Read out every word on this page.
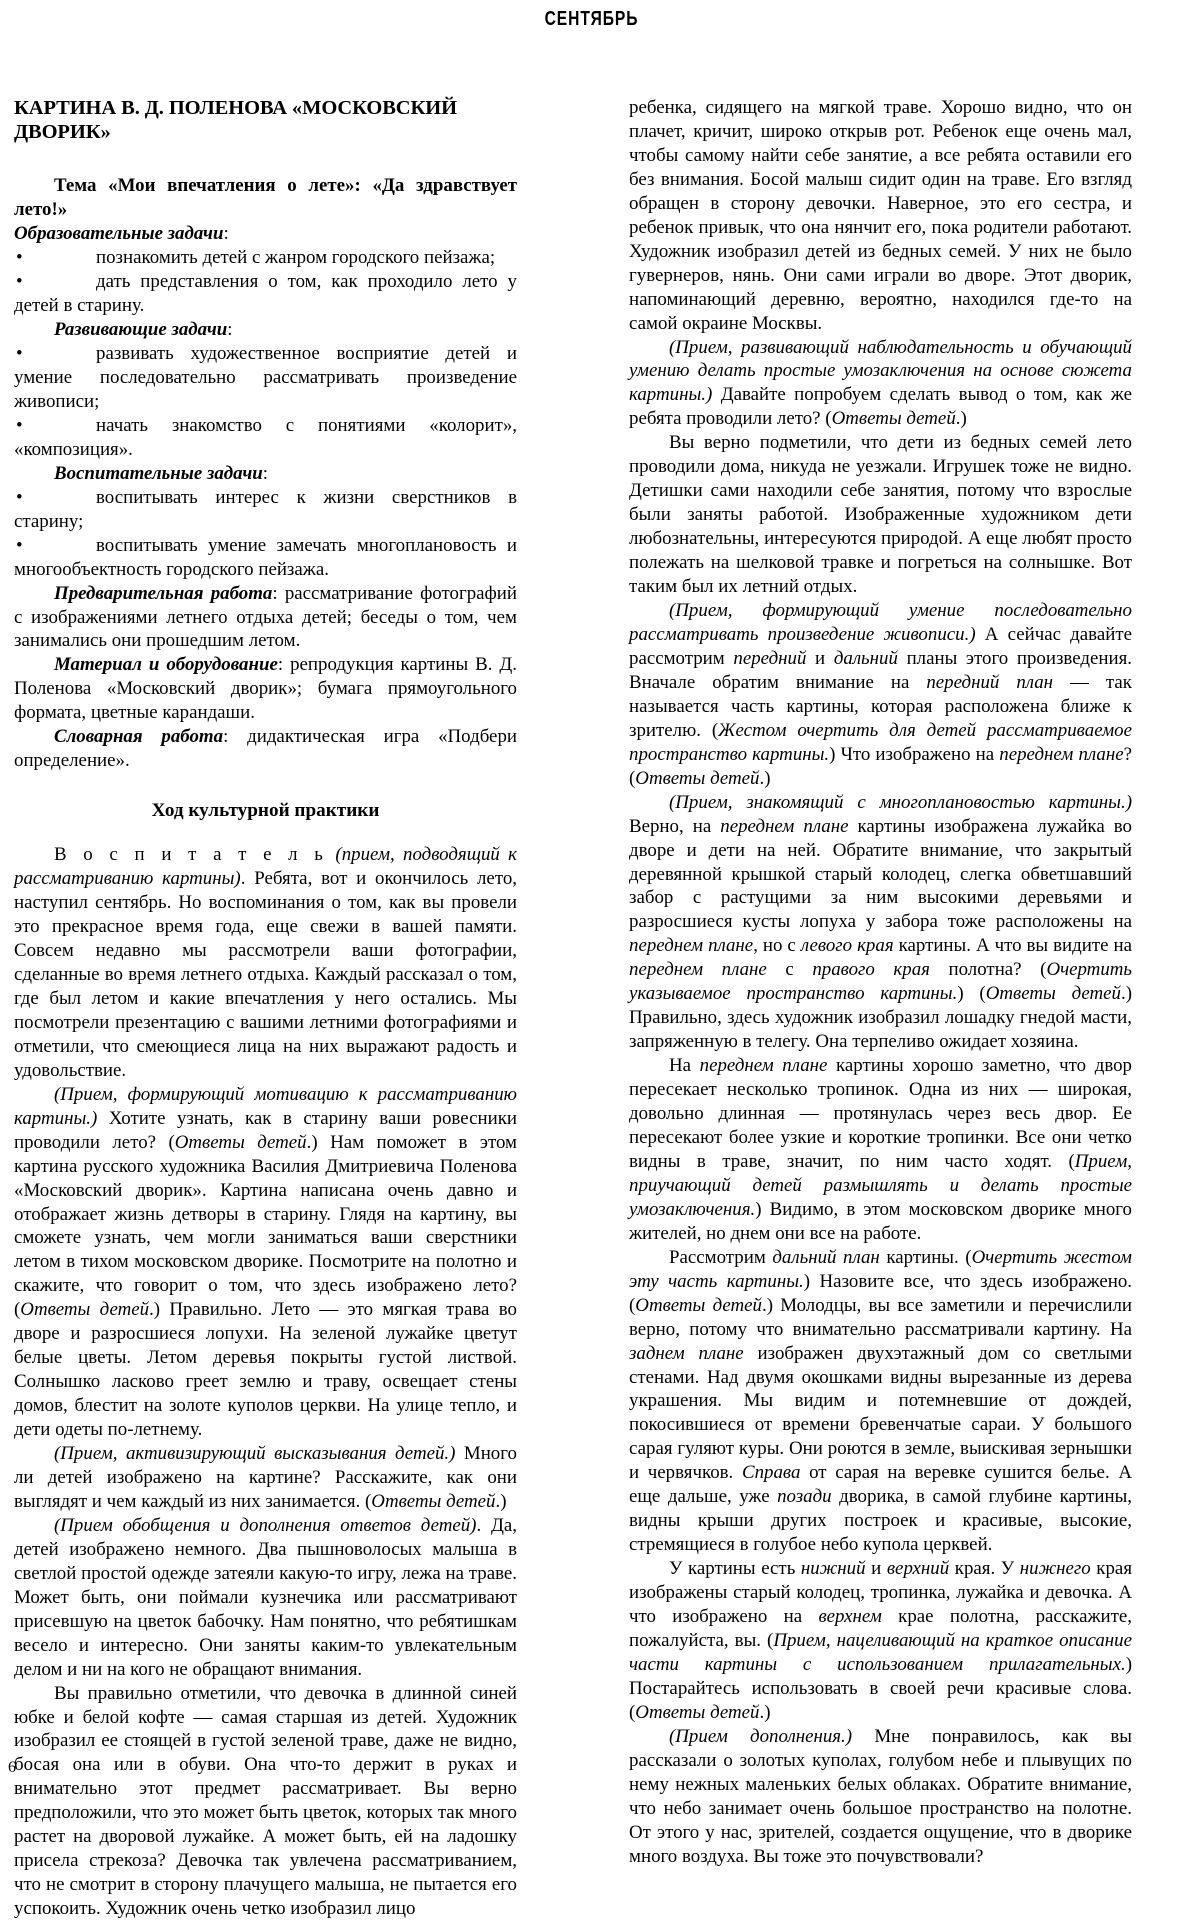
СЕНТЯБРЬ
КАРТИНА В. Д. ПОЛЕНОВА «МОСКОВСКИЙ ДВОРИК»

Тема «Мои впечатления о лете»: «Да здравствует лето!»

Образовательные задачи:

•	познакомить детей с жанром городского пейзажа;

•	дать представления о том, как проходило лето у детей в старину.

Развивающие задачи:

•	развивать художественное восприятие детей и умение последовательно рассматривать произведение живописи;

•	начать знакомство с понятиями «колорит», «композиция».

Воспитательные задачи:

•	воспитывать интерес к жизни сверстников в старину;

•	воспитывать умение замечать многоплановость и многообъектность городского пейзажа.

Предварительная работа: рассматривание фотографий с изображениями летнего отдыха детей; беседы о том, чем занимались они прошедшим летом.

Материал и оборудование: репродукция картины В. Д. Поленова «Московский дворик»; бумага прямоугольного формата, цветные карандаши.

Словарная работа: дидактическая игра «Подбери определение».

Ход культурной практики

В о с п и т а т е л ь (прием, подводящий к рассматриванию картины). Ребята, вот и окончилось лето, наступил сентябрь. Но воспоминания о том, как вы провели это прекрасное время года, еще свежи в вашей памяти. Совсем недавно мы рассмотрели ваши фотографии, сделанные во время летнего отдыха. Каждый рассказал о том, где был летом и какие впечатления у него остались. Мы посмотрели презентацию с вашими летними фотографиями и отметили, что смеющиеся лица на них выражают радость и удовольствие.

(Прием, формирующий мотивацию к рассматриванию картины.) Хотите узнать, как в старину ваши ровесники проводили лето? (Ответы детей.) Нам поможет в этом картина русского художника Василия Дмитриевича Поленова «Московский дворик». Картина написана очень давно и отображает жизнь детворы в старину. Глядя на картину, вы сможете узнать, чем могли заниматься ваши сверстники летом в тихом московском дворике. Посмотрите на полотно и скажите, что говорит о том, что здесь изображено лето? (Ответы детей.) Правильно. Лето — это мягкая трава во дворе и разросшиеся лопухи. На зеленой лужайке цветут белые цветы. Летом деревья покрыты густой листвой. Солнышко ласково греет землю и траву, освещает стены домов, блестит на золоте куполов церкви. На улице тепло, и дети одеты по-летнему.

(Прием, активизирующий высказывания детей.) Много ли детей изображено на картине? Расскажите, как они выглядят и чем каждый из них занимается. (Ответы детей.)

(Прием обобщения и дополнения ответов детей). Да, детей изображено немного. Два пышноволосых малыша в светлой простой одежде затеяли какую-то игру, лежа на траве. Может быть, они поймали кузнечика или рассматривают присевшую на цветок бабочку. Нам понятно, что ребятишкам весело и интересно. Они заняты каким-то увлекательным делом и ни на кого не обращают внимания.

Вы правильно отметили, что девочка в длинной синей юбке и белой кофте — самая старшая из детей. Художник изобразил ее стоящей в густой зеленой траве, даже не видно, босая она или в обуви. Она что-то держит в руках и внимательно этот предмет рассматривает. Вы верно предположили, что это может быть цветок, которых так много растет на дворовой лужайке. А может быть, ей на ладошку присела стрекоза? Девочка так увлечена рассматриванием, что не смотрит в сторону плачущего малыша, не пытается его успокоить. Художник очень четко изобразил лицо

ребенка, сидящего на мягкой траве. Хорошо видно, что он плачет, кричит, широко открыв рот. Ребенок еще очень мал, чтобы самому найти себе занятие, а все ребята оставили его без внимания. Босой малыш сидит один на траве. Его взгляд обращен в сторону девочки. Наверное, это его сестра, и ребенок привык, что она нянчит его, пока родители работают. Художник изобразил детей из бедных семей. У них не было гувернеров, нянь. Они сами играли во дворе. Этот дворик, напоминающий деревню, вероятно, находился где-то на самой окраине Москвы.

(Прием, развивающий наблюдательность и обучающий умению делать простые умозаключения на основе сюжета картины.) Давайте попробуем сделать вывод о том, как же ребята проводили лето? (Ответы детей.)

Вы верно подметили, что дети из бедных семей лето проводили дома, никуда не уезжали. Игрушек тоже не видно. Детишки сами находили себе занятия, потому что взрослые были заняты работой. Изображенные художником дети любознательны, интересуются природой. А еще любят просто полежать на шелковой травке и погреться на солнышке. Вот таким был их летний отдых.

(Прием, формирующий умение последовательно рассматривать произведение живописи.) А сейчас давайте рассмотрим передний и дальний планы этого произведения. Вначале обратим внимание на передний план — так называется часть картины, которая расположена ближе к зрителю. (Жестом очертить для детей рассматриваемое пространство картины.) Что изображено на переднем плане? (Ответы детей.)

(Прием, знакомящий с многоплановостью картины.) Верно, на переднем плане картины изображена лужайка во дворе и дети на ней. Обратите внимание, что закрытый деревянной крышкой старый колодец, слегка обветшавший забор с растущими за ним высокими деревьями и разросшиеся кусты лопуха у забора тоже расположены на переднем плане, но с левого края картины. А что вы видите на переднем плане с правого края полотна? (Очертить указываемое пространство картины.) (Ответы детей.) Правильно, здесь художник изобразил лошадку гнедой масти, запряженную в телегу. Она терпеливо ожидает хозяина.

На переднем плане картины хорошо заметно, что двор пересекает несколько тропинок. Одна из них — широкая, довольно длинная — протянулась через весь двор. Ее пересекают более узкие и короткие тропинки. Все они четко видны в траве, значит, по ним часто ходят. (Прием, приучающий детей размышлять и делать простые умозаключения.) Видимо, в этом московском дворике много жителей, но днем они все на работе.

Рассмотрим дальний план картины. (Очертить жестом эту часть картины.) Назовите все, что здесь изображено. (Ответы детей.) Молодцы, вы все заметили и перечислили верно, потому что внимательно рассматривали картину. На заднем плане изображен двухэтажный дом со светлыми стенами. Над двумя окошками видны вырезанные из дерева украшения. Мы видим и потемневшие от дождей, покосившиеся от времени бревенчатые сараи. У большого сарая гуляют куры. Они роются в земле, выискивая зернышки и червячков. Справа от сарая на веревке сушится белье. А еще дальше, уже позади дворика, в самой глубине картины, видны крыши других построек и красивые, высокие, стремящиеся в голубое небо купола церквей.

У картины есть нижний и верхний края. У нижнего края изображены старый колодец, тропинка, лужайка и девочка. А что изображено на верхнем крае полотна, расскажите, пожалуйста, вы. (Прием, нацеливающий на краткое описание части картины с использованием прилагательных.) Постарайтесь использовать в своей речи красивые слова. (Ответы детей.)

(Прием дополнения.) Мне понравилось, как вы рассказали о золотых куполах, голубом небе и плывущих по нему нежных маленьких белых облаках. Обратите внимание, что небо занимает очень большое пространство на полотне. От этого у нас, зрителей, создается ощущение, что в дворике много воздуха. Вы тоже это почувствовали?

6
